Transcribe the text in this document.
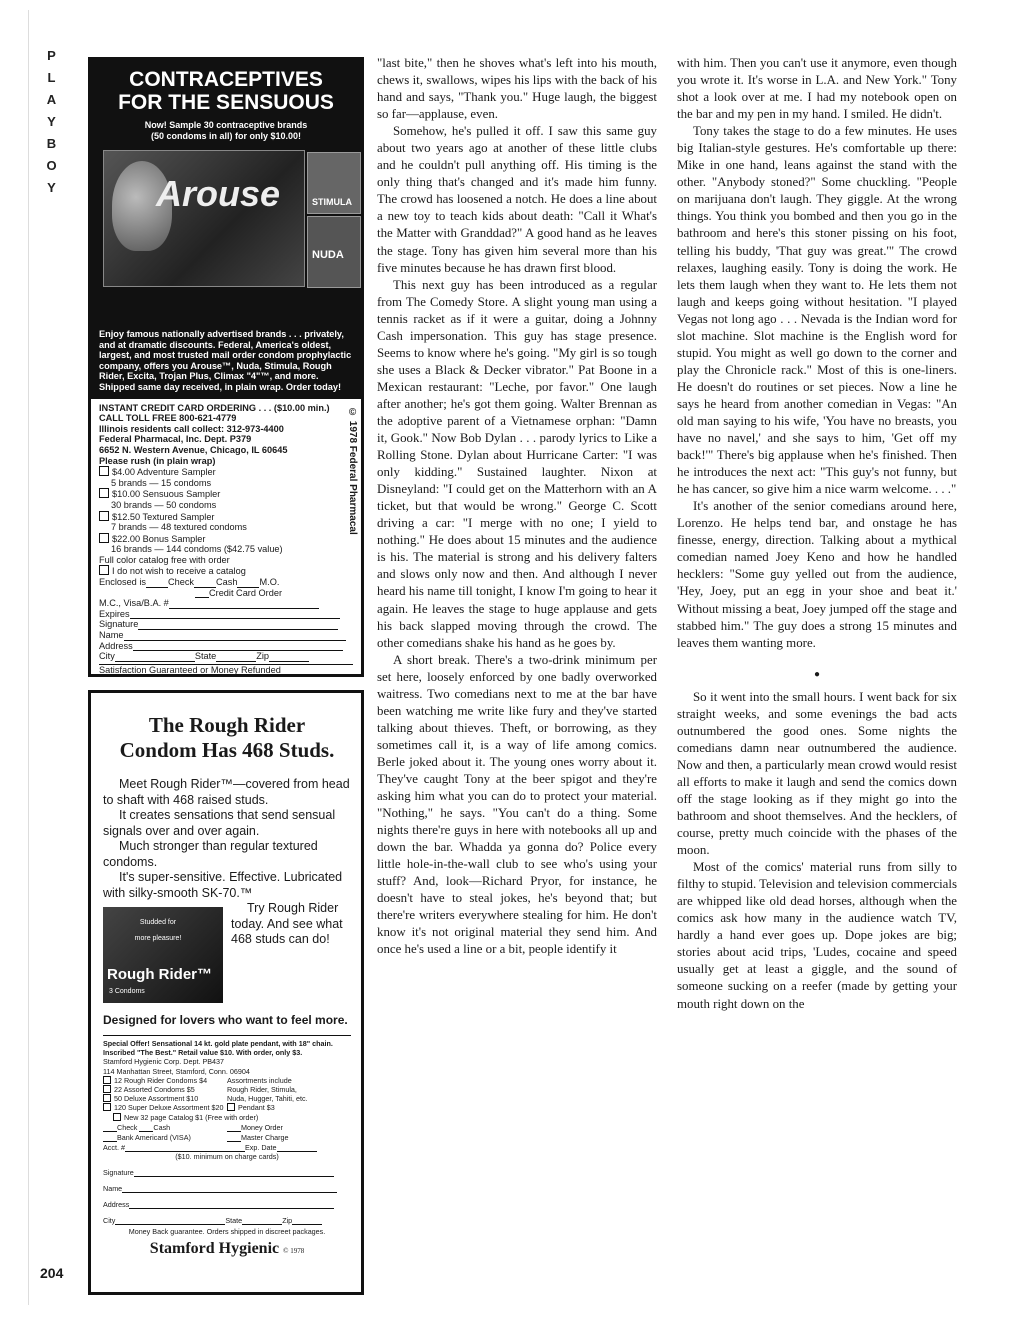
P
L
A
Y
B
O
Y
204
CONTRACEPTIVES
FOR THE SENSUOUS
Now! Sample 30 contraceptive brands
(50 condoms in all) for only $10.00!
Arouse	STIMULA
NUDA
Enjoy famous nationally advertised brands . . . privately, and at dramatic discounts. Federal, America's oldest, largest, and most trusted mail order condom prophylactic company, offers you Arouse™, Nuda, Stimula, Rough Rider, Excita, Trojan Plus, Climax "4"™, and more. Shipped same day received, in plain wrap. Order today!
© 1978 Federal Pharmacal
INSTANT CREDIT CARD ORDERING . . . ($10.00 min.)
CALL TOLL FREE 800-621-4779
Illinois residents call collect: 312-973-4400
Federal Pharmacal, Inc. Dept. P379
6652 N. Western Avenue, Chicago, IL 60645
Please rush (in plain wrap)
$4.00 Adventure Sampler
5 brands — 15 condoms
$10.00 Sensuous Sampler
30 brands — 50 condoms
$12.50 Textured Sampler
7 brands — 48 textured condoms
$22.00 Bonus Sampler
16 brands — 144 condoms ($42.75 value)
Full color catalog free with order
I do not wish to receive a catalog
Enclosed is Check Cash M.O.
Credit Card Order
M.C., Visa/B.A. #
Expires
Signature
Name
Address
City	State	Zip
Satisfaction Guaranteed or Money Refunded
The Rough Rider
Condom Has 468 Studs.

Meet Rough Rider™—covered from head to shaft with 468 raised studs.

It creates sensations that send sensual signals over and over again.

Much stronger than regular textured condoms.

It's super-sensitive. Effective. Lubricated with silky-smooth SK-70.™

Studded for more pleasure!
Rough Rider™
3 Condoms

Try Rough Rider today. And see what 468 studs can do!

Designed for lovers who want to feel more.
Special Offer! Sensational 14 kt. gold plate pendant, with 18" chain. Inscribed "The Best." Retail value $10. With order, only $3.
Stamford Hygienic Corp. Dept. PB437
114 Manhattan Street, Stamford, Conn. 06904
12 Rough Rider Condoms $4
22 Assorted Condoms $5
50 Deluxe Assortment $10
120 Super Deluxe Assortment $20
Assortments include
Rough Rider, Stimula,
Nuda, Hugger, Tahiti, etc.
Pendant $3
New 32 page Catalog $1 (Free with order)
Check Cash
Bank Americard (VISA)
Money Order
Master Charge
Acct. #	Exp. Date
($10. minimum on charge cards)
Signature
Name
Address
City	State	Zip
Money Back guarantee. Orders shipped in discreet packages.
Stamford Hygienic © 1978

"last bite," then he shoves what's left into his mouth, chews it, swallows, wipes his lips with the back of his hand and says, "Thank you." Huge laugh, the biggest so far—applause, even.

Somehow, he's pulled it off. I saw this same guy about two years ago at another of these little clubs and he couldn't pull anything off. His timing is the only thing that's changed and it's made him funny. The crowd has loosened a notch. He does a line about a new toy to teach kids about death: "Call it What's the Matter with Granddad?" A good hand as he leaves the stage. Tony has given him several more than his five minutes because he has drawn first blood.

This next guy has been introduced as a regular from The Comedy Store. A slight young man using a tennis racket as if it were a guitar, doing a Johnny Cash impersonation. This guy has stage presence. Seems to know where he's going. "My girl is so tough she uses a Black & Decker vibrator." Pat Boone in a Mexican restaurant: "Leche, por favor." One laugh after another; he's got them going. Walter Brennan as the adoptive parent of a Vietnamese orphan: "Damn it, Gook." Now Bob Dylan . . . parody lyrics to Like a Rolling Stone. Dylan about Hurricane Carter: "I was only kidding." Sustained laughter. Nixon at Disneyland: "I could get on the Matterhorn with an A ticket, but that would be wrong." George C. Scott driving a car: "I merge with no one; I yield to nothing." He does about 15 minutes and the audience is his. The material is strong and his delivery falters and slows only now and then. And although I never heard his name till tonight, I know I'm going to hear it again. He leaves the stage to huge applause and gets his back slapped moving through the crowd. The other comedians shake his hand as he goes by.

A short break. There's a two-drink minimum per set here, loosely enforced by one badly overworked waitress. Two comedians next to me at the bar have been watching me write like fury and they've started talking about thieves. Theft, or borrowing, as they sometimes call it, is a way of life among comics. Berle joked about it. The young ones worry about it. They've caught Tony at the beer spigot and they're asking him what you can do to protect your material. "Nothing," he says. "You can't do a thing. Some nights there're guys in here with notebooks all up and down the bar. Whadda ya gonna do? Police every little hole-in-the-wall club to see who's using your stuff? And, look—Richard Pryor, for instance, he doesn't have to steal jokes, he's beyond that; but there're writers everywhere stealing for him. He don't know it's not original material they send him. And once he's used a line or a bit, people identify it

with him. Then you can't use it anymore, even though you wrote it. It's worse in L.A. and New York." Tony shot a look over at me. I had my notebook open on the bar and my pen in my hand. I smiled. He didn't.

Tony takes the stage to do a few minutes. He uses big Italian-style gestures. He's comfortable up there: Mike in one hand, leans against the stand with the other. "Anybody stoned?" Some chuckling. "People on marijuana don't laugh. They giggle. At the wrong things. You think you bombed and then you go in the bathroom and here's this stoner pissing on his foot, telling his buddy, 'That guy was great.'" The crowd relaxes, laughing easily. Tony is doing the work. He lets them laugh when they want to. He lets them not laugh and keeps going without hesitation. "I played Vegas not long ago . . . Nevada is the Indian word for slot machine. Slot machine is the English word for stupid. You might as well go down to the corner and play the Chronicle rack." Most of this is one-liners. He doesn't do routines or set pieces. Now a line he says he heard from another comedian in Vegas: "An old man saying to his wife, 'You have no breasts, you have no navel,' and she says to him, 'Get off my back!'" There's big applause when he's finished. Then he introduces the next act: "This guy's not funny, but he has cancer, so give him a nice warm welcome. . . ."

It's another of the senior comedians around here, Lorenzo. He helps tend bar, and onstage he has finesse, energy, direction. Talking about a mythical comedian named Joey Keno and how he handled hecklers: "Some guy yelled out from the audience, 'Hey, Joey, put an egg in your shoe and beat it.' Without missing a beat, Joey jumped off the stage and stabbed him." The guy does a strong 15 minutes and leaves them wanting more.

●

So it went into the small hours. I went back for six straight weeks, and some evenings the bad acts outnumbered the good ones. Some nights the comedians damn near outnumbered the audience. Now and then, a particularly mean crowd would resist all efforts to make it laugh and send the comics down off the stage looking as if they might go into the bathroom and shoot themselves. And the hecklers, of course, pretty much coincide with the phases of the moon.

Most of the comics' material runs from silly to filthy to stupid. Television and television commercials are whipped like old dead horses, although when the comics ask how many in the audience watch TV, hardly a hand ever goes up. Dope jokes are big; stories about acid trips, 'Ludes, cocaine and speed usually get at least a giggle, and the sound of someone sucking on a reefer (made by getting your mouth right down on the
